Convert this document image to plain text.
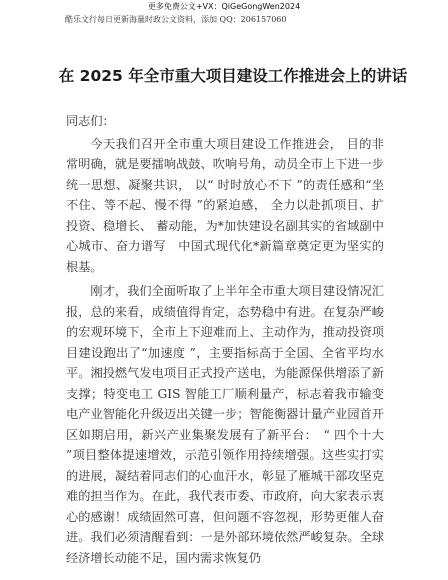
更多免费公文+VX：QiGeGongWen2024
酷乐文行每日更新海量时政公文资料，添加 QQ：206157060
在 2025 年全市重大项目建设工作推进会上的讲话

同志们：

今天我们召开全市重大项目建设工作推进会， 目的非常明确，就是要擂响战鼓、吹响号角，动员全市上下进一步统一思想、凝聚共识， 以“ 时时放心不下 ”的责任感和“坐不住、等不起、慢不得 ”的紧迫感， 全力以赴抓项目、扩投资、稳增长、 蓄动能，为*加快建设名副其实的省域副中心城市、奋力谱写　中国式现代化*新篇章奠定更为坚实的根基。

刚才，我们全面听取了上半年全市重大项目建设情况汇报，总的来看，成绩值得肯定，态势稳中有进。在复杂严峻的宏观环境下，全市上下迎难而上、主动作为，推动投资项目建设跑出了“加速度 ”，主要指标高于全国、全省平均水平。湘投燃气发电项目正式投产送电，为能源保供增添了新支撑；特变电工 GIS 智能工厂顺利量产，标志着我市输变电产业智能化升级迈出关键一步；智能衡器计量产业园首开区如期启用，新兴产业集聚发展有了新平台：　“ 四个十大 ”项目整体提速增效，示范引领作用持续增强。这些实打实的进展，凝结着同志们的心血汗水，彰显了雁城干部攻坚克难的担当作为。在此，我代表市委、市政府，向大家表示衷心的感谢！成绩固然可喜，但问题不容忽视，形势更催人奋进。我们必须清醒看到：一是外部环境依然严峻复杂。全球经济增长动能不足，国内需求恢复仍
